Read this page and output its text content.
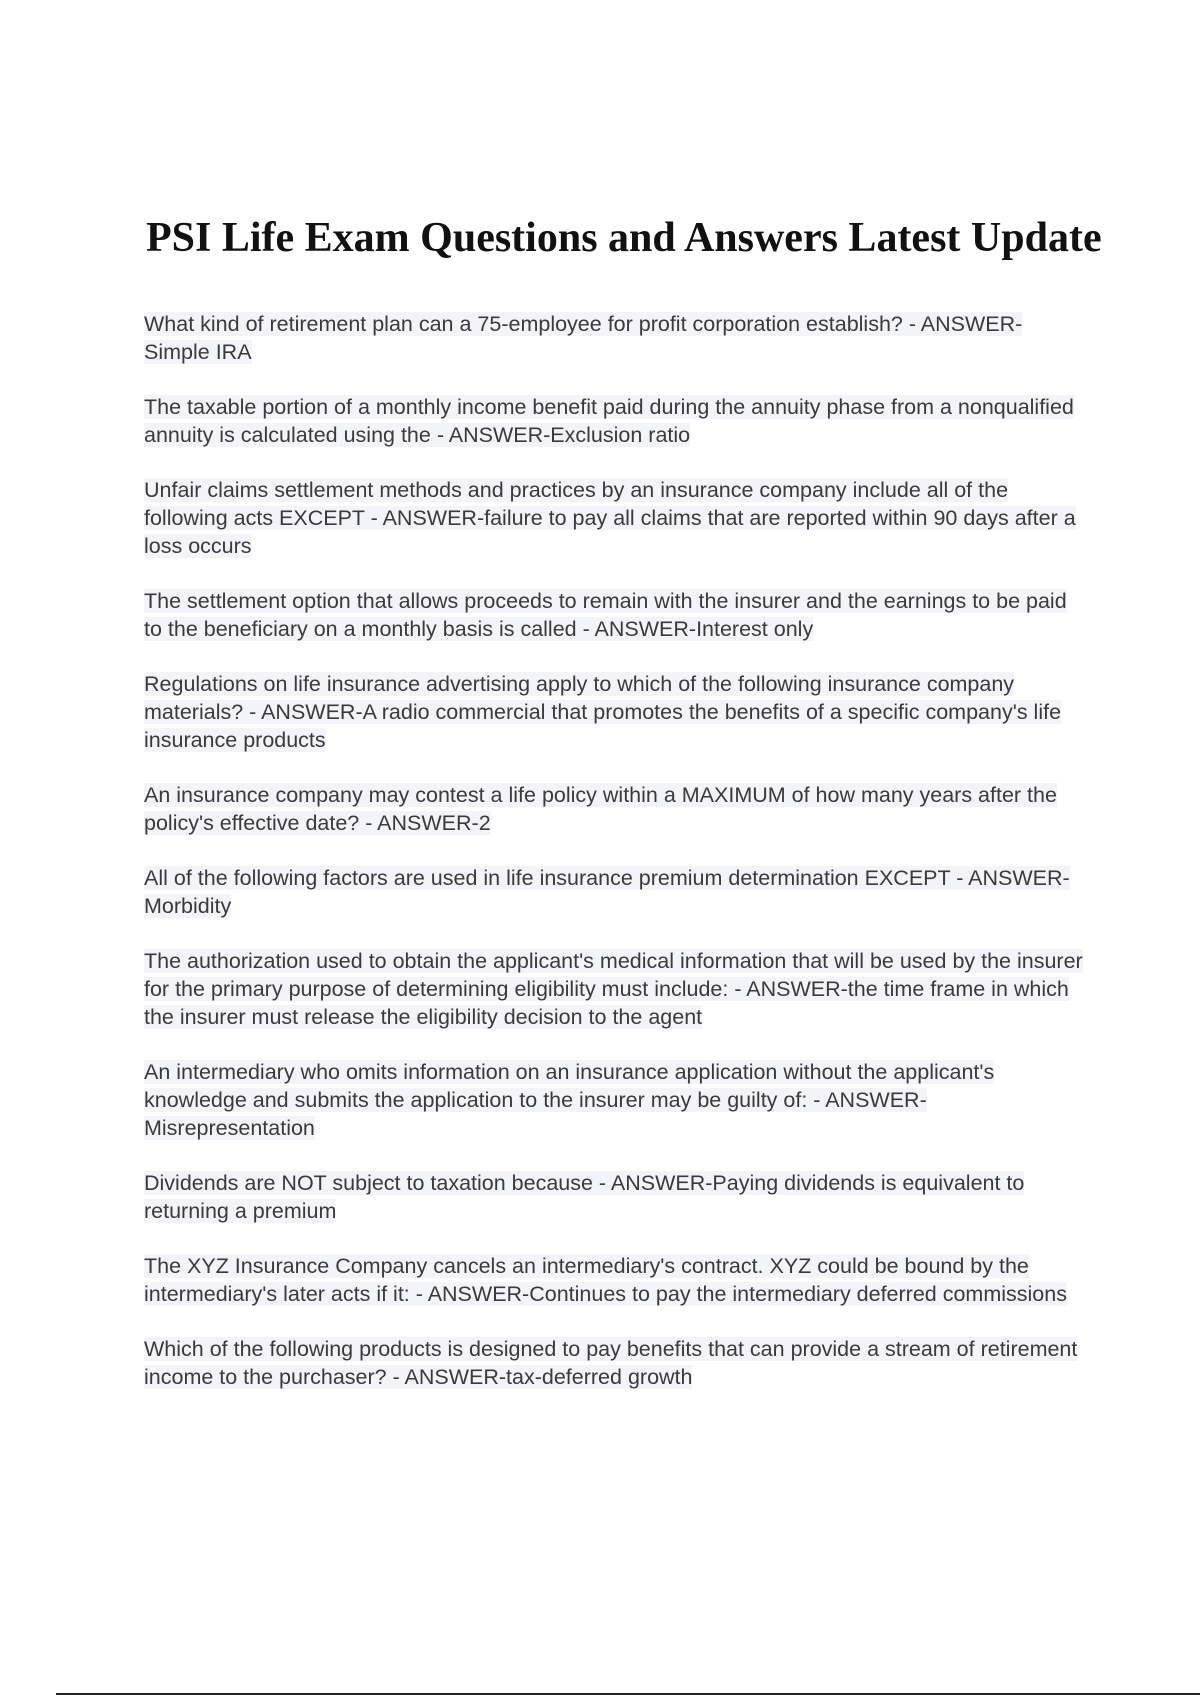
PSI Life Exam Questions and Answers Latest Update

What kind of retirement plan can a 75-employee for profit corporation establish? - ANSWER-Simple IRA

The taxable portion of a monthly income benefit paid during the annuity phase from a nonqualified annuity is calculated using the - ANSWER-Exclusion ratio

Unfair claims settlement methods and practices by an insurance company include all of the following acts EXCEPT - ANSWER-failure to pay all claims that are reported within 90 days after a loss occurs

The settlement option that allows proceeds to remain with the insurer and the earnings to be paid to the beneficiary on a monthly basis is called - ANSWER-Interest only

Regulations on life insurance advertising apply to which of the following insurance company materials? - ANSWER-A radio commercial that promotes the benefits of a specific company's life insurance products

An insurance company may contest a life policy within a MAXIMUM of how many years after the policy's effective date? - ANSWER-2

All of the following factors are used in life insurance premium determination EXCEPT - ANSWER-Morbidity

The authorization used to obtain the applicant's medical information that will be used by the insurer for the primary purpose of determining eligibility must include: - ANSWER-the time frame in which the insurer must release the eligibility decision to the agent

An intermediary who omits information on an insurance application without the applicant's knowledge and submits the application to the insurer may be guilty of: - ANSWER-Misrepresentation

Dividends are NOT subject to taxation because - ANSWER-Paying dividends is equivalent to returning a premium

The XYZ Insurance Company cancels an intermediary's contract. XYZ could be bound by the intermediary's later acts if it: - ANSWER-Continues to pay the intermediary deferred commissions

Which of the following products is designed to pay benefits that can provide a stream of retirement income to the purchaser? - ANSWER-tax-deferred growth
